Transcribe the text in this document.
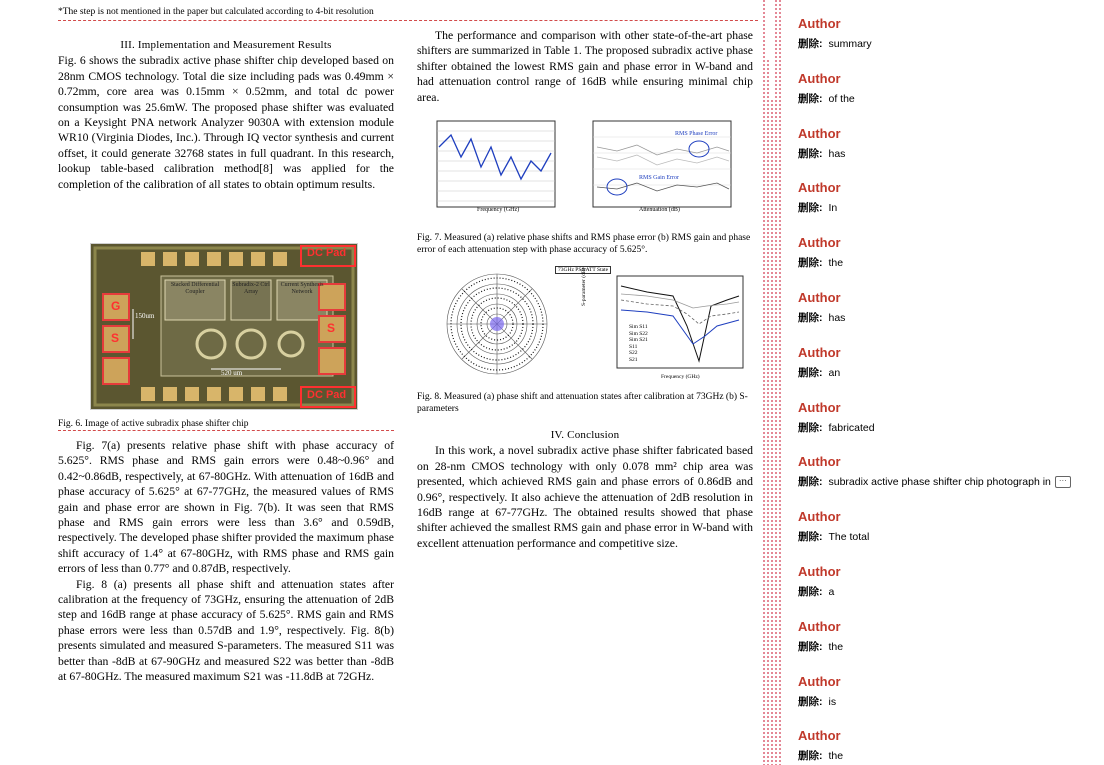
*The step is not mentioned in the paper but calculated according to 4-bit resolution

III. Implementation and Measurement Results

Fig. 6 shows the subradix active phase shifter chip developed based on 28nm CMOS technology. Total die size including pads was 0.49mm × 0.72mm, core area was 0.15mm × 0.52mm, and total dc power consumption was 25.6mW. The proposed phase shifter was evaluated on a Keysight PNA network Analyzer 9030A with extension module WR10 (Virginia Diodes, Inc.). Through IQ vector synthesis and current offset, it could generate 32768 states in full quadrant. In this research, lookup table-based calibration method[8] was applied for the completion of the calibration of all states to obtain optimum results.

DC Pad
DC Pad
G
S
S
150um
520 um
Stacked Differential Coupler
Subradix-2 Ctrl Array
Current Synthesis Network
Fig. 6. Image of active subradix phase shifter chip

Fig. 7(a) presents relative phase shift with phase accuracy of 5.625°. RMS phase and RMS gain errors were 0.48~0.96° and 0.42~0.86dB, respectively, at 67-80GHz. With attenuation of 16dB and phase accuracy of 5.625° at 67-77GHz, the measured values of RMS gain and phase error are shown in Fig. 7(b). It was seen that RMS phase and RMS gain errors were less than 3.6° and 0.59dB, respectively. The developed phase shifter provided the maximum phase shift accuracy of 1.4° at 67-80GHz, with RMS phase and RMS gain errors of less than 0.77° and 0.87dB, respectively.

Fig. 8 (a) presents all phase shift and attenuation states after calibration at the frequency of 73GHz, ensuring the attenuation of 2dB step and 16dB range at phase accuracy of 5.625°. RMS gain and RMS phase errors were less than 0.57dB and 1.9°, respectively. Fig. 8(b) presents simulated and measured S-parameters. The measured S11 was better than -8dB at 67-90GHz and measured S22 was better than -8dB at 67-80GHz. The measured maximum S21 was -11.8dB at 72GHz.

The performance and comparison with other state-of-the-art phase shifters are summarized in Table 1. The proposed subradix active phase shifter obtained the lowest RMS gain and phase error in W-band and had attenuation control range of 16dB while ensuring minimal chip area.

Frequency (GHz)	Attenuation (dB)
RMS Phase Error
RMS Gain Error
Fig. 7. Measured (a) relative phase shifts and RMS phase error (b) RMS gain and phase error of each attenuation step with phase accuracy of 5.625°.
73GHz PS&ATT State
Frequency (GHz)
S-parameter (dB)
Sim S11
Sim S22
Sim S21
S11
S22
S21
Fig. 8. Measured (a) phase shift and attenuation states after calibration at 73GHz (b) S-parameters

IV. Conclusion

In this work, a novel subradix active phase shifter fabricated based on 28-nm CMOS technology with only 0.078 mm² chip area was presented, which achieved RMS gain and phase errors of 0.86dB and 0.96°, respectively. It also achieve the attenuation of 2dB resolution in 16dB range at 67-77GHz. The obtained results showed that phase shifter achieved the smallest RMS gain and phase error in W-band with excellent attenuation performance and competitive size.

Author
删除: summary
Author
删除: of the
Author
删除: has
Author
删除: In
Author
删除: the
Author
删除: has
Author
删除: an
Author
删除: fabricated
Author
删除: subradix active phase shifter chip photograph in ···
Author
删除: The total
Author
删除: a
Author
删除: the
Author
删除: is
Author
删除: the
